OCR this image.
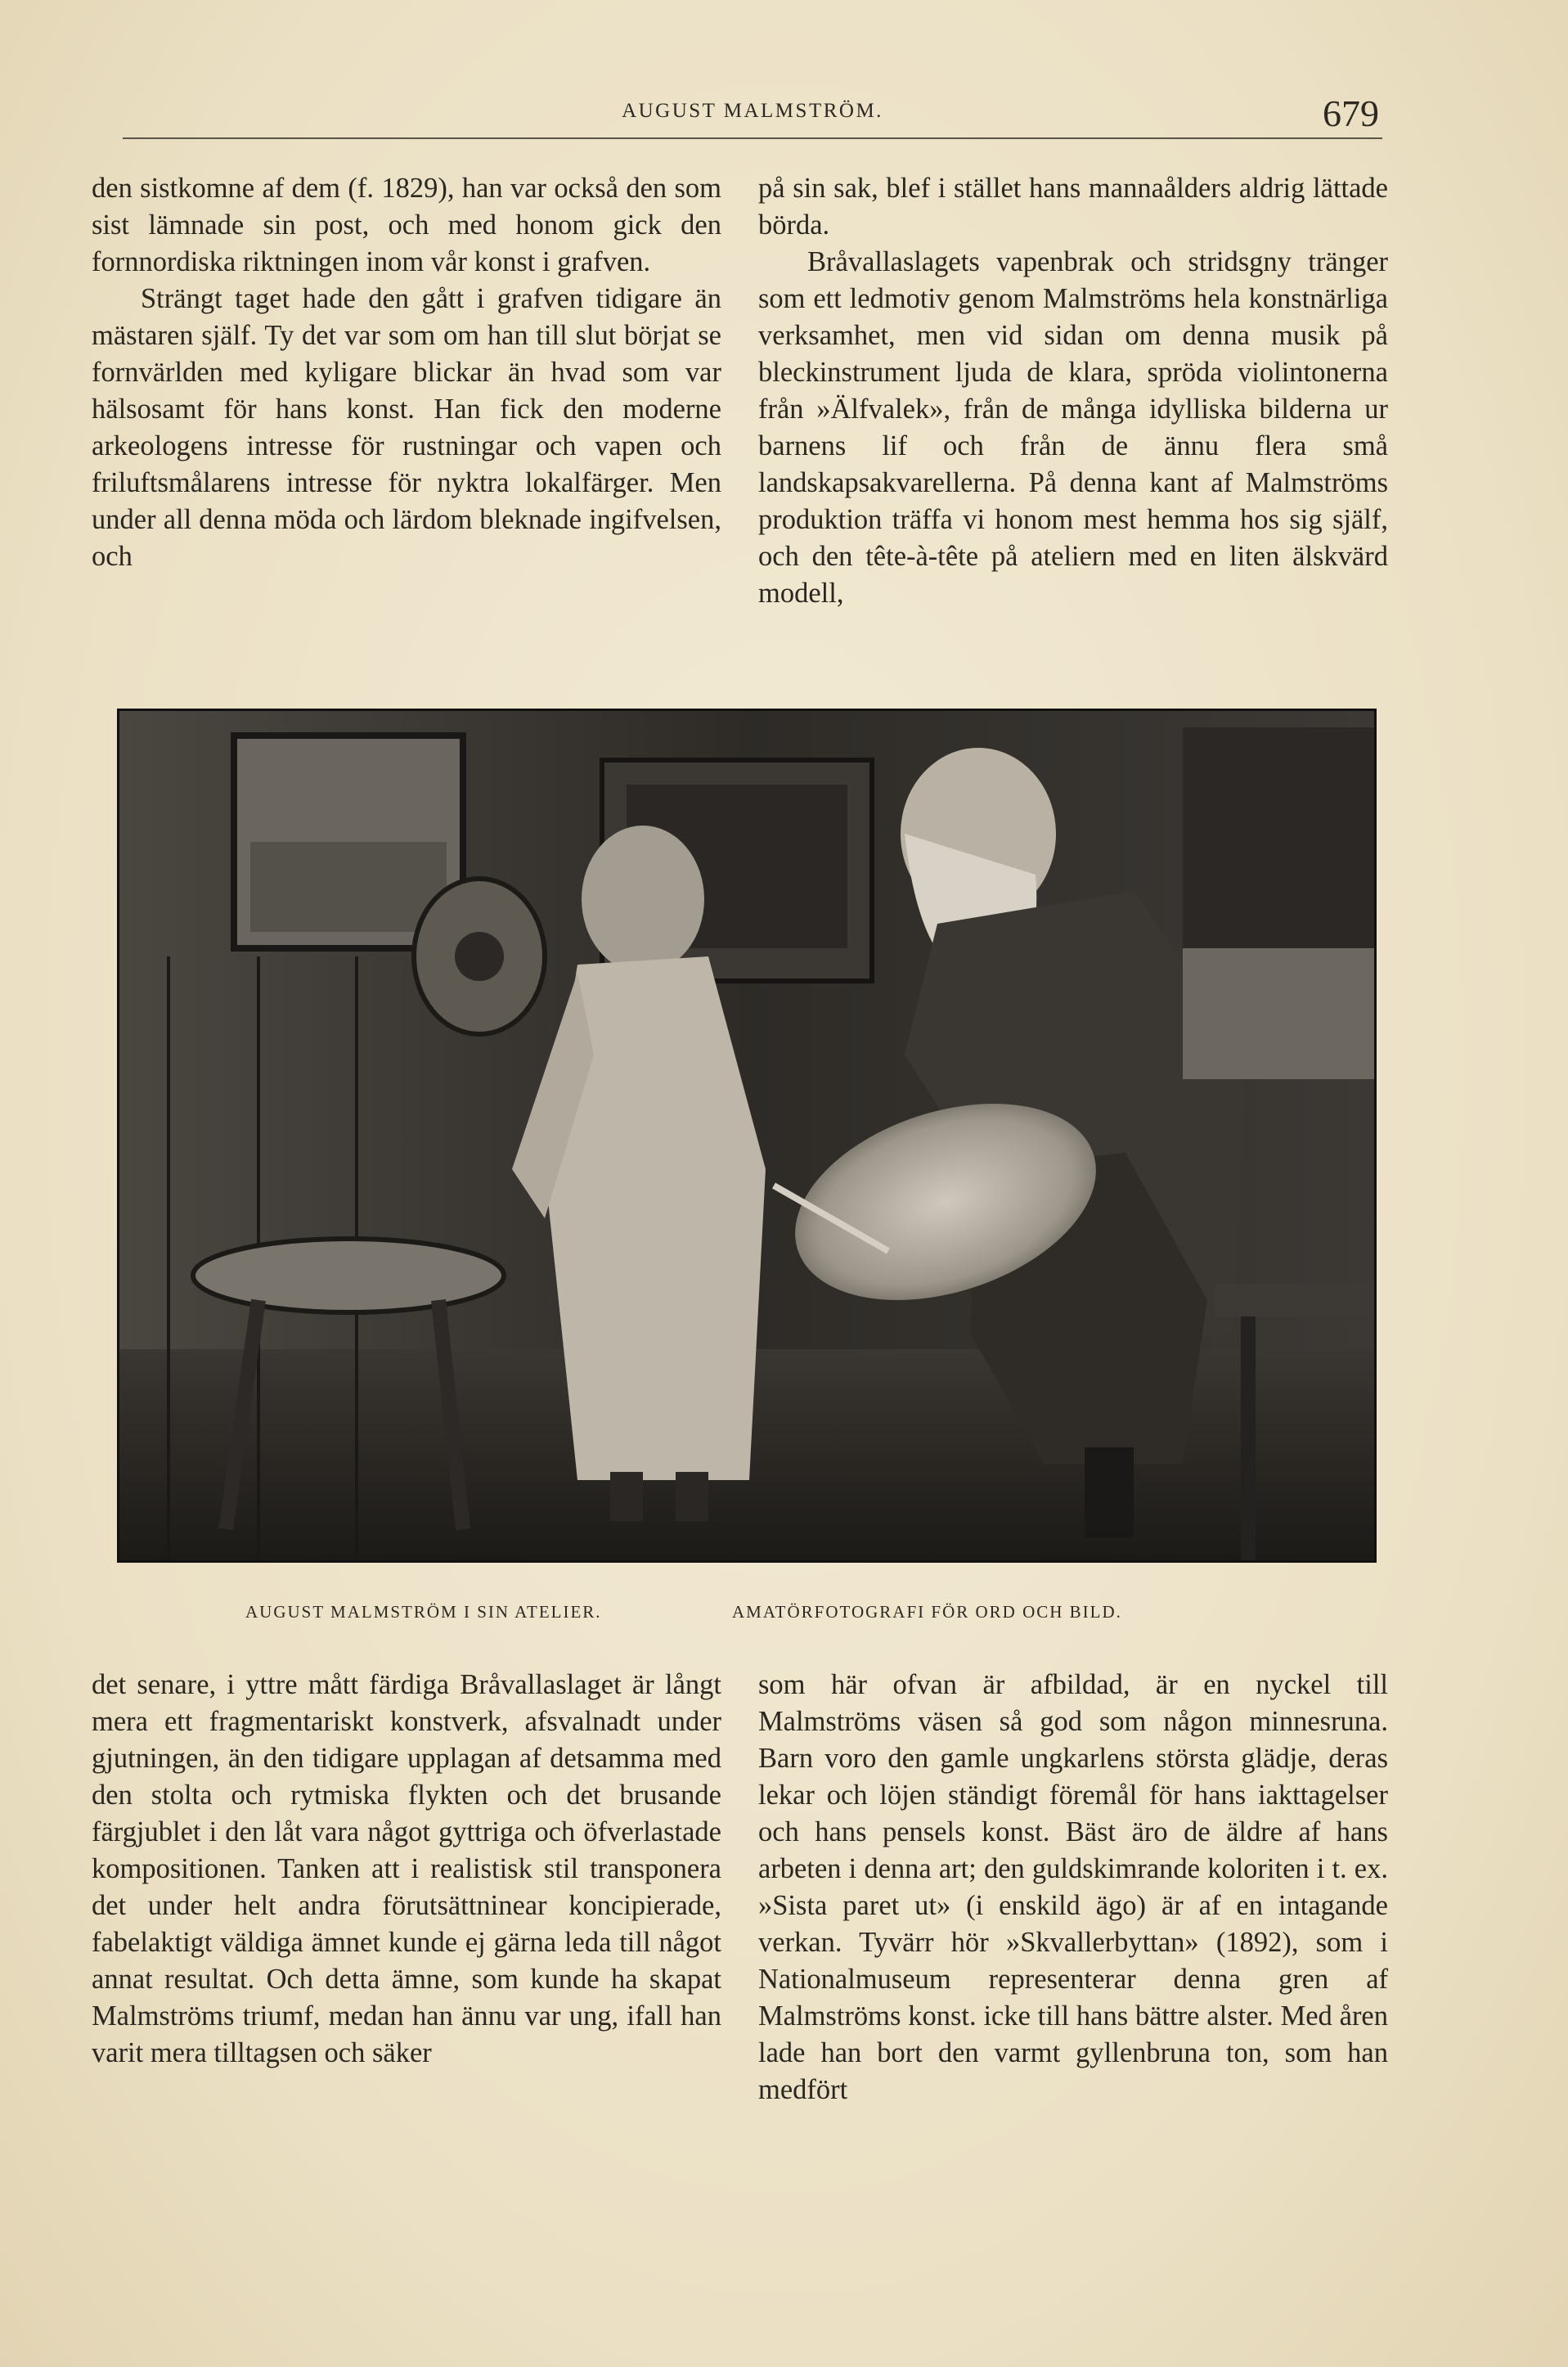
AUGUST MALMSTRÖM.	679

den sistkomne af dem (f. 1829), han var också den som sist lämnade sin post, och med honom gick den fornnordiska riktningen inom vår konst i grafven.

Strängt taget hade den gått i grafven tidigare än mästaren själf. Ty det var som om han till slut börjat se fornvärlden med kyligare blickar än hvad som var hälsosamt för hans konst. Han fick den moderne arkeologens intresse för rustningar och vapen och friluftsmålarens intresse för nyktra lokalfärger. Men under all denna möda och lärdom bleknade ingifvelsen, och

på sin sak, blef i stället hans mannaålders aldrig lättade börda.

Bråvallaslagets vapenbrak och stridsgny tränger som ett ledmotiv genom Malmströms hela konstnärliga verksamhet, men vid sidan om denna musik på bleckinstrument ljuda de klara, spröda violintonerna från »Älfvalek», från de många idylliska bilderna ur barnens lif och från de ännu flera små landskapsakvarellerna. På denna kant af Malmströms produktion träffa vi honom mest hemma hos sig själf, och den tête-à-tête på ateliern med en liten älskvärd modell,

AUGUST MALMSTRÖM I SIN ATELIER.	AMATÖRFOTOGRAFI FÖR ORD OCH BILD.

det senare, i yttre mått färdiga Bråvallaslaget är långt mera ett fragmentariskt konstverk, afsvalnadt under gjutningen, än den tidigare upplagan af detsamma med den stolta och rytmiska flykten och det brusande färgjublet i den låt vara något gyttriga och öfverlastade kompositionen. Tanken att i realistisk stil transponera det under helt andra förutsättninear koncipierade, fabelaktigt väldiga ämnet kunde ej gärna leda till något annat resultat. Och detta ämne, som kunde ha skapat Malmströms triumf, medan han ännu var ung, ifall han varit mera tilltagsen och säker

som här ofvan är afbildad, är en nyckel till Malmströms väsen så god som någon minnesruna. Barn voro den gamle ungkarlens största glädje, deras lekar och löjen ständigt föremål för hans iakttagelser och hans pensels konst. Bäst äro de äldre af hans arbeten i denna art; den guldskimrande koloriten i t. ex. »Sista paret ut» (i enskild ägo) är af en intagande verkan. Tyvärr hör »Skvallerbyttan» (1892), som i Nationalmuseum representerar denna gren af Malmströms konst. icke till hans bättre alster. Med åren lade han bort den varmt gyllenbruna ton, som han medfört
